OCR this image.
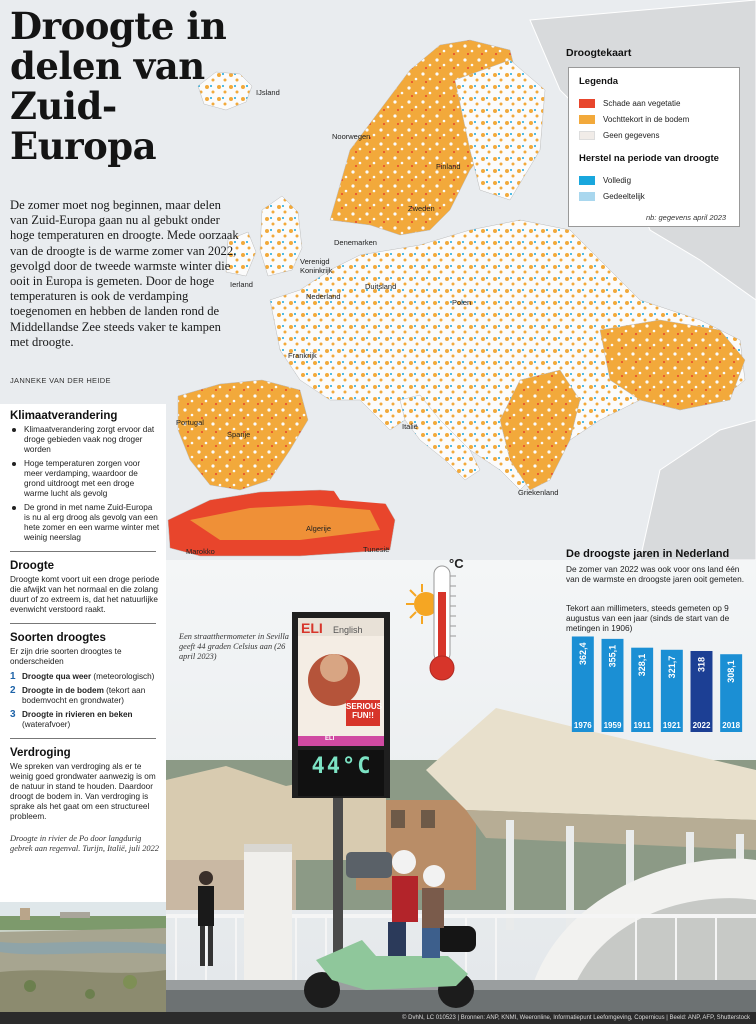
Droogtekaart
IJsland
Noorwegen
Finland
Zweden
Denemarken
Verenigd Koninkrijk
Ierland
Nederland
Duitsland
Polen
Frankrijk
Portugal
Spanje
Italië
Griekenland
Algerije
Marokko	Tunesië
Droogte in delen van Zuid-Europa

De zomer moet nog beginnen, maar delen van Zuid-Europa gaan nu al gebukt onder hoge temperaturen en droogte. Mede oorzaak van de droogte is de warme zomer van 2022, gevolgd door de tweede warmste winter die ooit in Europa is gemeten. Door de hoge temperaturen is ook de verdamping toegenomen en hebben de landen rond de Middellandse Zee steeds vaker te kampen met droogte.

JANNEKE VAN DER HEIDE
Legenda
Schade aan vegetatie
Vochttekort in de bodem
Geen gegevens
Herstel na periode van droogte
Volledig
Gedeeltelijk
nb: gegevens april 2023
Klimaatverandering
Klimaatverandering zorgt ervoor dat droge gebieden vaak nog droger worden
Hoge temperaturen zorgen voor meer verdamping, waardoor de grond uitdroogt met een droge warme lucht als gevolg
De grond in met name Zuid-Europa is nu al erg droog als gevolg van een hete zomer en een warme winter met weinig neerslag
Droogte

Droogte komt voort uit een droge periode die afwijkt van het normaal en die zolang duurt of zo extreem is, dat het natuurlijke evenwicht verstoord raakt.

Soorten droogtes

Er zijn drie soorten droogtes te onderscheiden

1 Droogte qua weer (meteorologisch)
2 Droogte in de bodem (tekort aan bodemvocht en grondwater)
3 Droogte in rivieren en beken (waterafvoer)
Verdroging

We spreken van verdroging als er te weinig goed grondwater aanwezig is om de natuur in stand te houden. Daardoor droogt de bodem in. Van verdroging is sprake als het gaat om een structureel probleem.

Droogte in rivier de Po door langdurig gebrek aan regenval. Turijn, Italië, juli 2022

ELI English
SERIOUS FUN!!
ELI
44°C
°C

Een straatthermometer in Sevilla geeft 44 graden Celsius aan (26 april 2023)

De droogste jaren in Nederland

De zomer van 2022 was ook voor ons land één van de warmste en droogste jaren ooit gemeten.

Tekort aan millimeters, steeds gemeten op 9 augustus van een jaar (sinds de start van de metingen in 1906)

362,4
1976
355,1
1959
328,1
1911
321,7
1921
318
2022
308,1
2018
© DvhN, LC 010523 | Bronnen: ANP, KNMI, Weeronline, Informatiepunt Leefomgeving, Copernicus | Beeld: ANP, AFP, Shutterstock
